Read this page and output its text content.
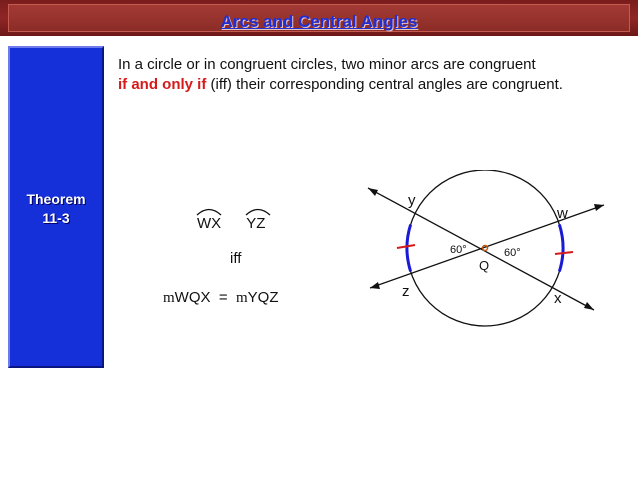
Arcs and Central Angles
Theorem
11-3
In a circle or in congruent circles, two minor arcs are congruent
if and only if (iff) their corresponding central angles are congruent.
WX YZ
iff
mWQX = mYQZ
y
w
z	x
Q
60°	60°
